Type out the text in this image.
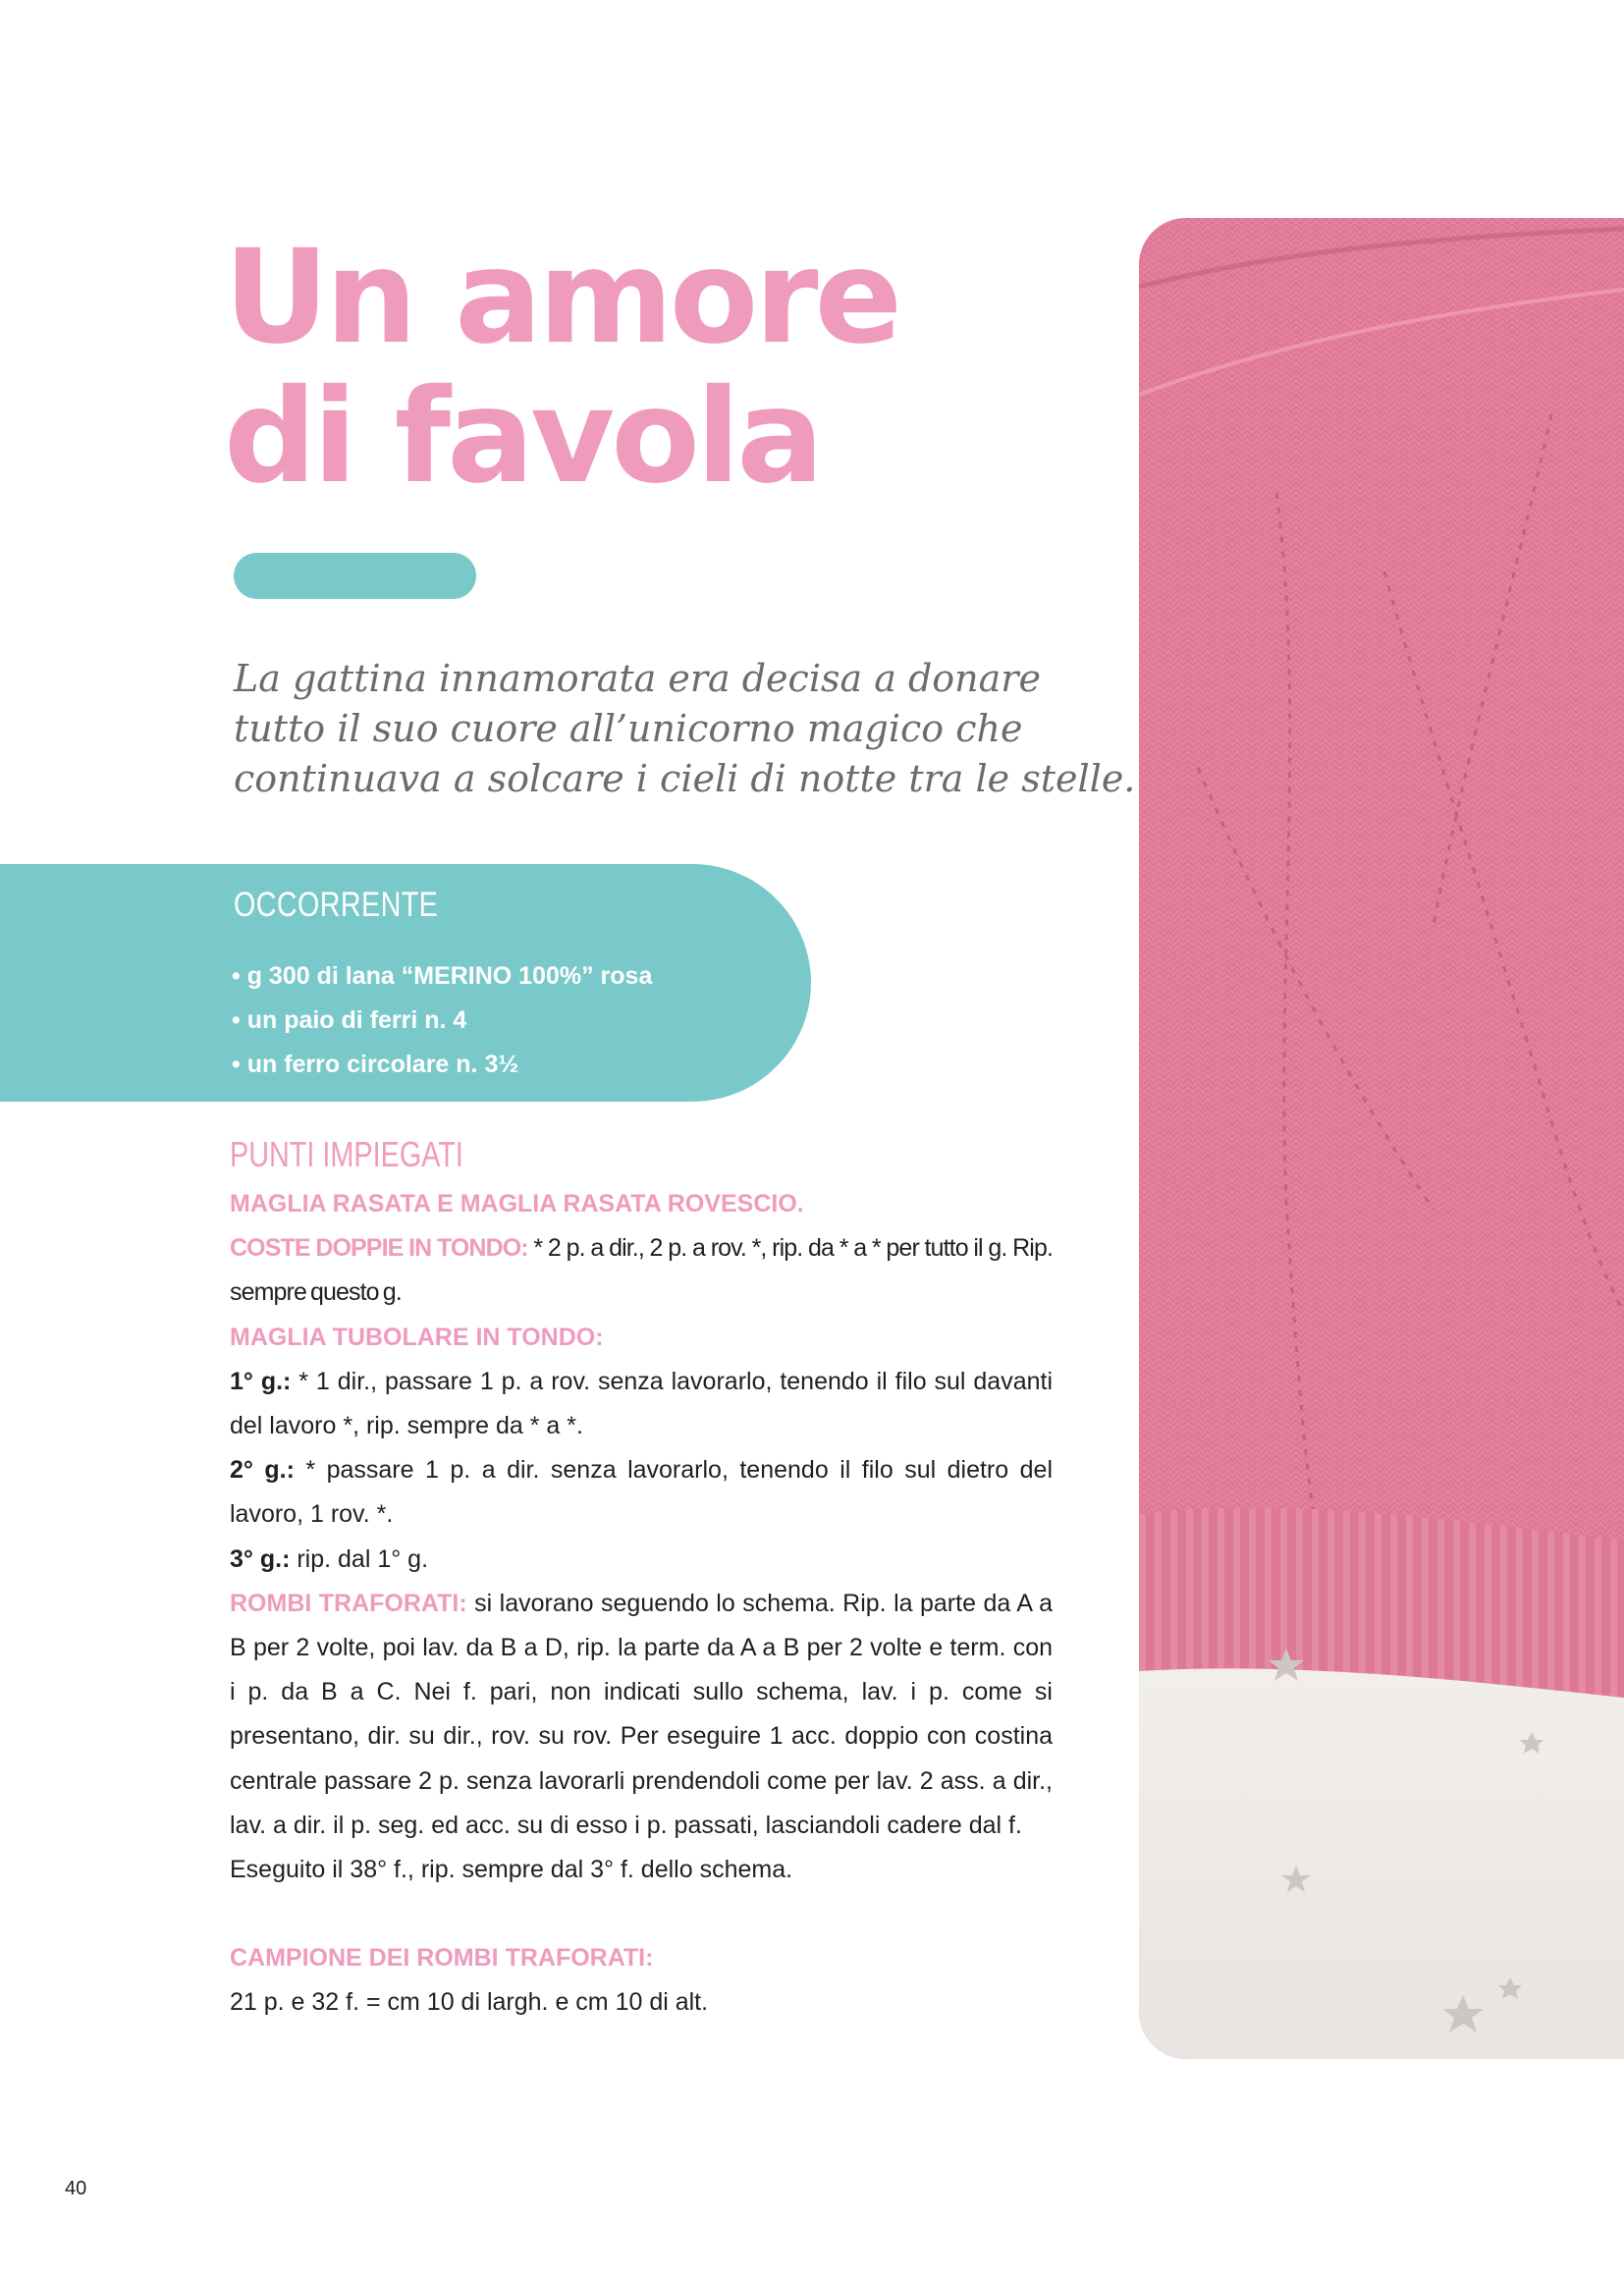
Un amore
di favola

La gattina innamorata era decisa a donare
tutto il suo cuore all’unicorno magico che
continuava a solcare i cieli di notte tra le stelle.

OCCORRENTE
• g 300 di lana “MERINO 100%” rosa
• un paio di ferri n. 4
• un ferro circolare n. 3½
PUNTI IMPIEGATI

MAGLIA RASATA E MAGLIA RASATA ROVESCIO.

COSTE DOPPIE IN TONDO: * 2 p. a dir., 2 p. a rov. *, rip. da * a * per tutto il g. Rip. sempre questo g.

MAGLIA TUBOLARE IN TONDO:

1° g.: * 1 dir., passare 1 p. a rov. senza lavorarlo, tenendo il filo sul davanti del lavoro *, rip. sempre da * a *.

2° g.: * passare 1 p. a dir. senza lavorarlo, tenendo il filo sul dietro del lavoro, 1 rov. *.

3° g.: rip. dal 1° g.

ROMBI TRAFORATI: si lavorano seguendo lo schema. Rip. la parte da A a B per 2 volte, poi lav. da B a D, rip. la parte da A a B per 2 volte e term. con i p. da B a C. Nei f. pari, non indicati sullo schema, lav. i p. come si presentano, dir. su dir., rov. su rov. Per eseguire 1 acc. doppio con costina centrale passare 2 p. senza lavorarli prendendoli come per lav. 2 ass. a dir., lav. a dir. il p. seg. ed acc. su di esso i p. passati, lasciandoli cadere dal f.

Eseguito il 38° f., rip. sempre dal 3° f. dello schema.

CAMPIONE DEI ROMBI TRAFORATI:

21 p. e 32 f. = cm 10 di largh. e cm 10 di alt.

40
